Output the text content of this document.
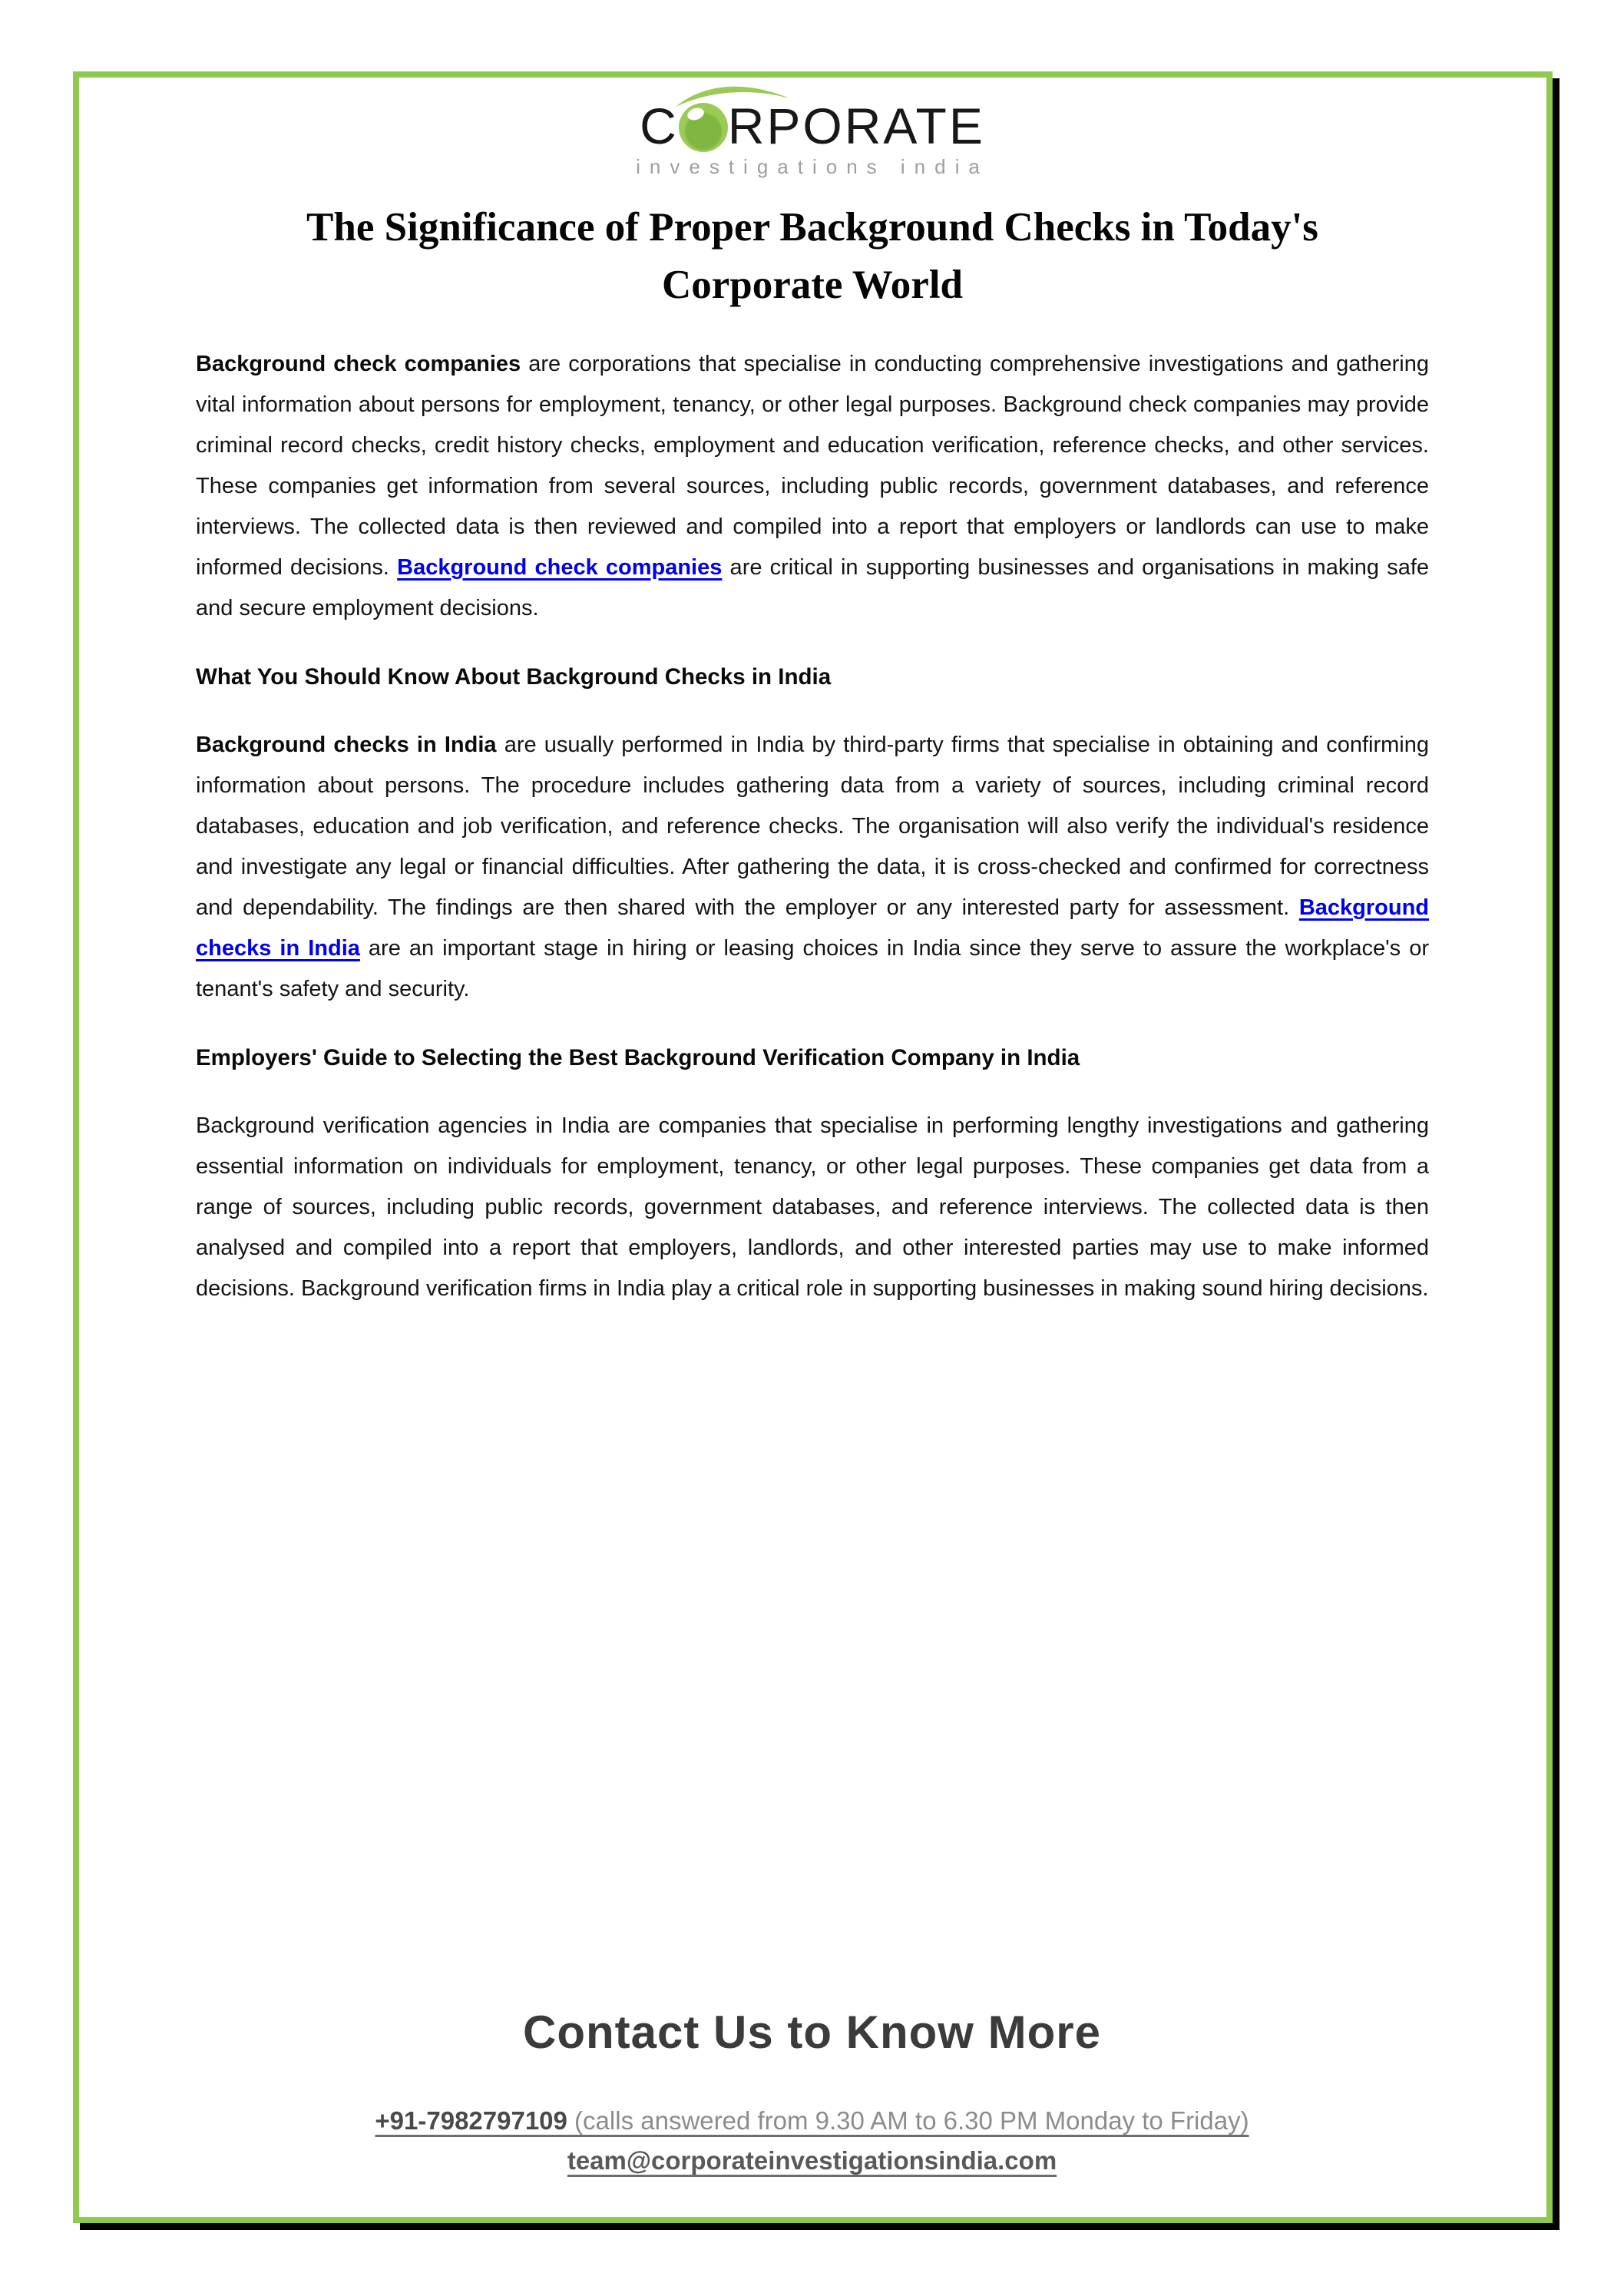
C RPORATE
investigations india
The Significance of Proper Background Checks in Today's
Corporate World

Background check companies are corporations that specialise in conducting comprehensive investigations and gathering vital information about persons for employment, tenancy, or other legal purposes. Background check companies may provide criminal record checks, credit history checks, employment and education verification, reference checks, and other services. These companies get information from several sources, including public records, government databases, and reference interviews. The collected data is then reviewed and compiled into a report that employers or landlords can use to make informed decisions. Background check companies are critical in supporting businesses and organisations in making safe and secure employment decisions.

What You Should Know About Background Checks in India

Background checks in India are usually performed in India by third-party firms that specialise in obtaining and confirming information about persons. The procedure includes gathering data from a variety of sources, including criminal record databases, education and job verification, and reference checks. The organisation will also verify the individual's residence and investigate any legal or financial difficulties. After gathering the data, it is cross-checked and confirmed for correctness and dependability. The findings are then shared with the employer or any interested party for assessment. Background checks in India are an important stage in hiring or leasing choices in India since they serve to assure the workplace's or tenant's safety and security.

Employers' Guide to Selecting the Best Background Verification Company in India

Background verification agencies in India are companies that specialise in performing lengthy investigations and gathering essential information on individuals for employment, tenancy, or other legal purposes. These companies get data from a range of sources, including public records, government databases, and reference interviews. The collected data is then analysed and compiled into a report that employers, landlords, and other interested parties may use to make informed decisions. Background verification firms in India play a critical role in supporting businesses in making sound hiring decisions.

Contact Us to Know More
+91-7982797109 (calls answered from 9.30 AM to 6.30 PM Monday to Friday)
team@corporateinvestigationsindia.com
